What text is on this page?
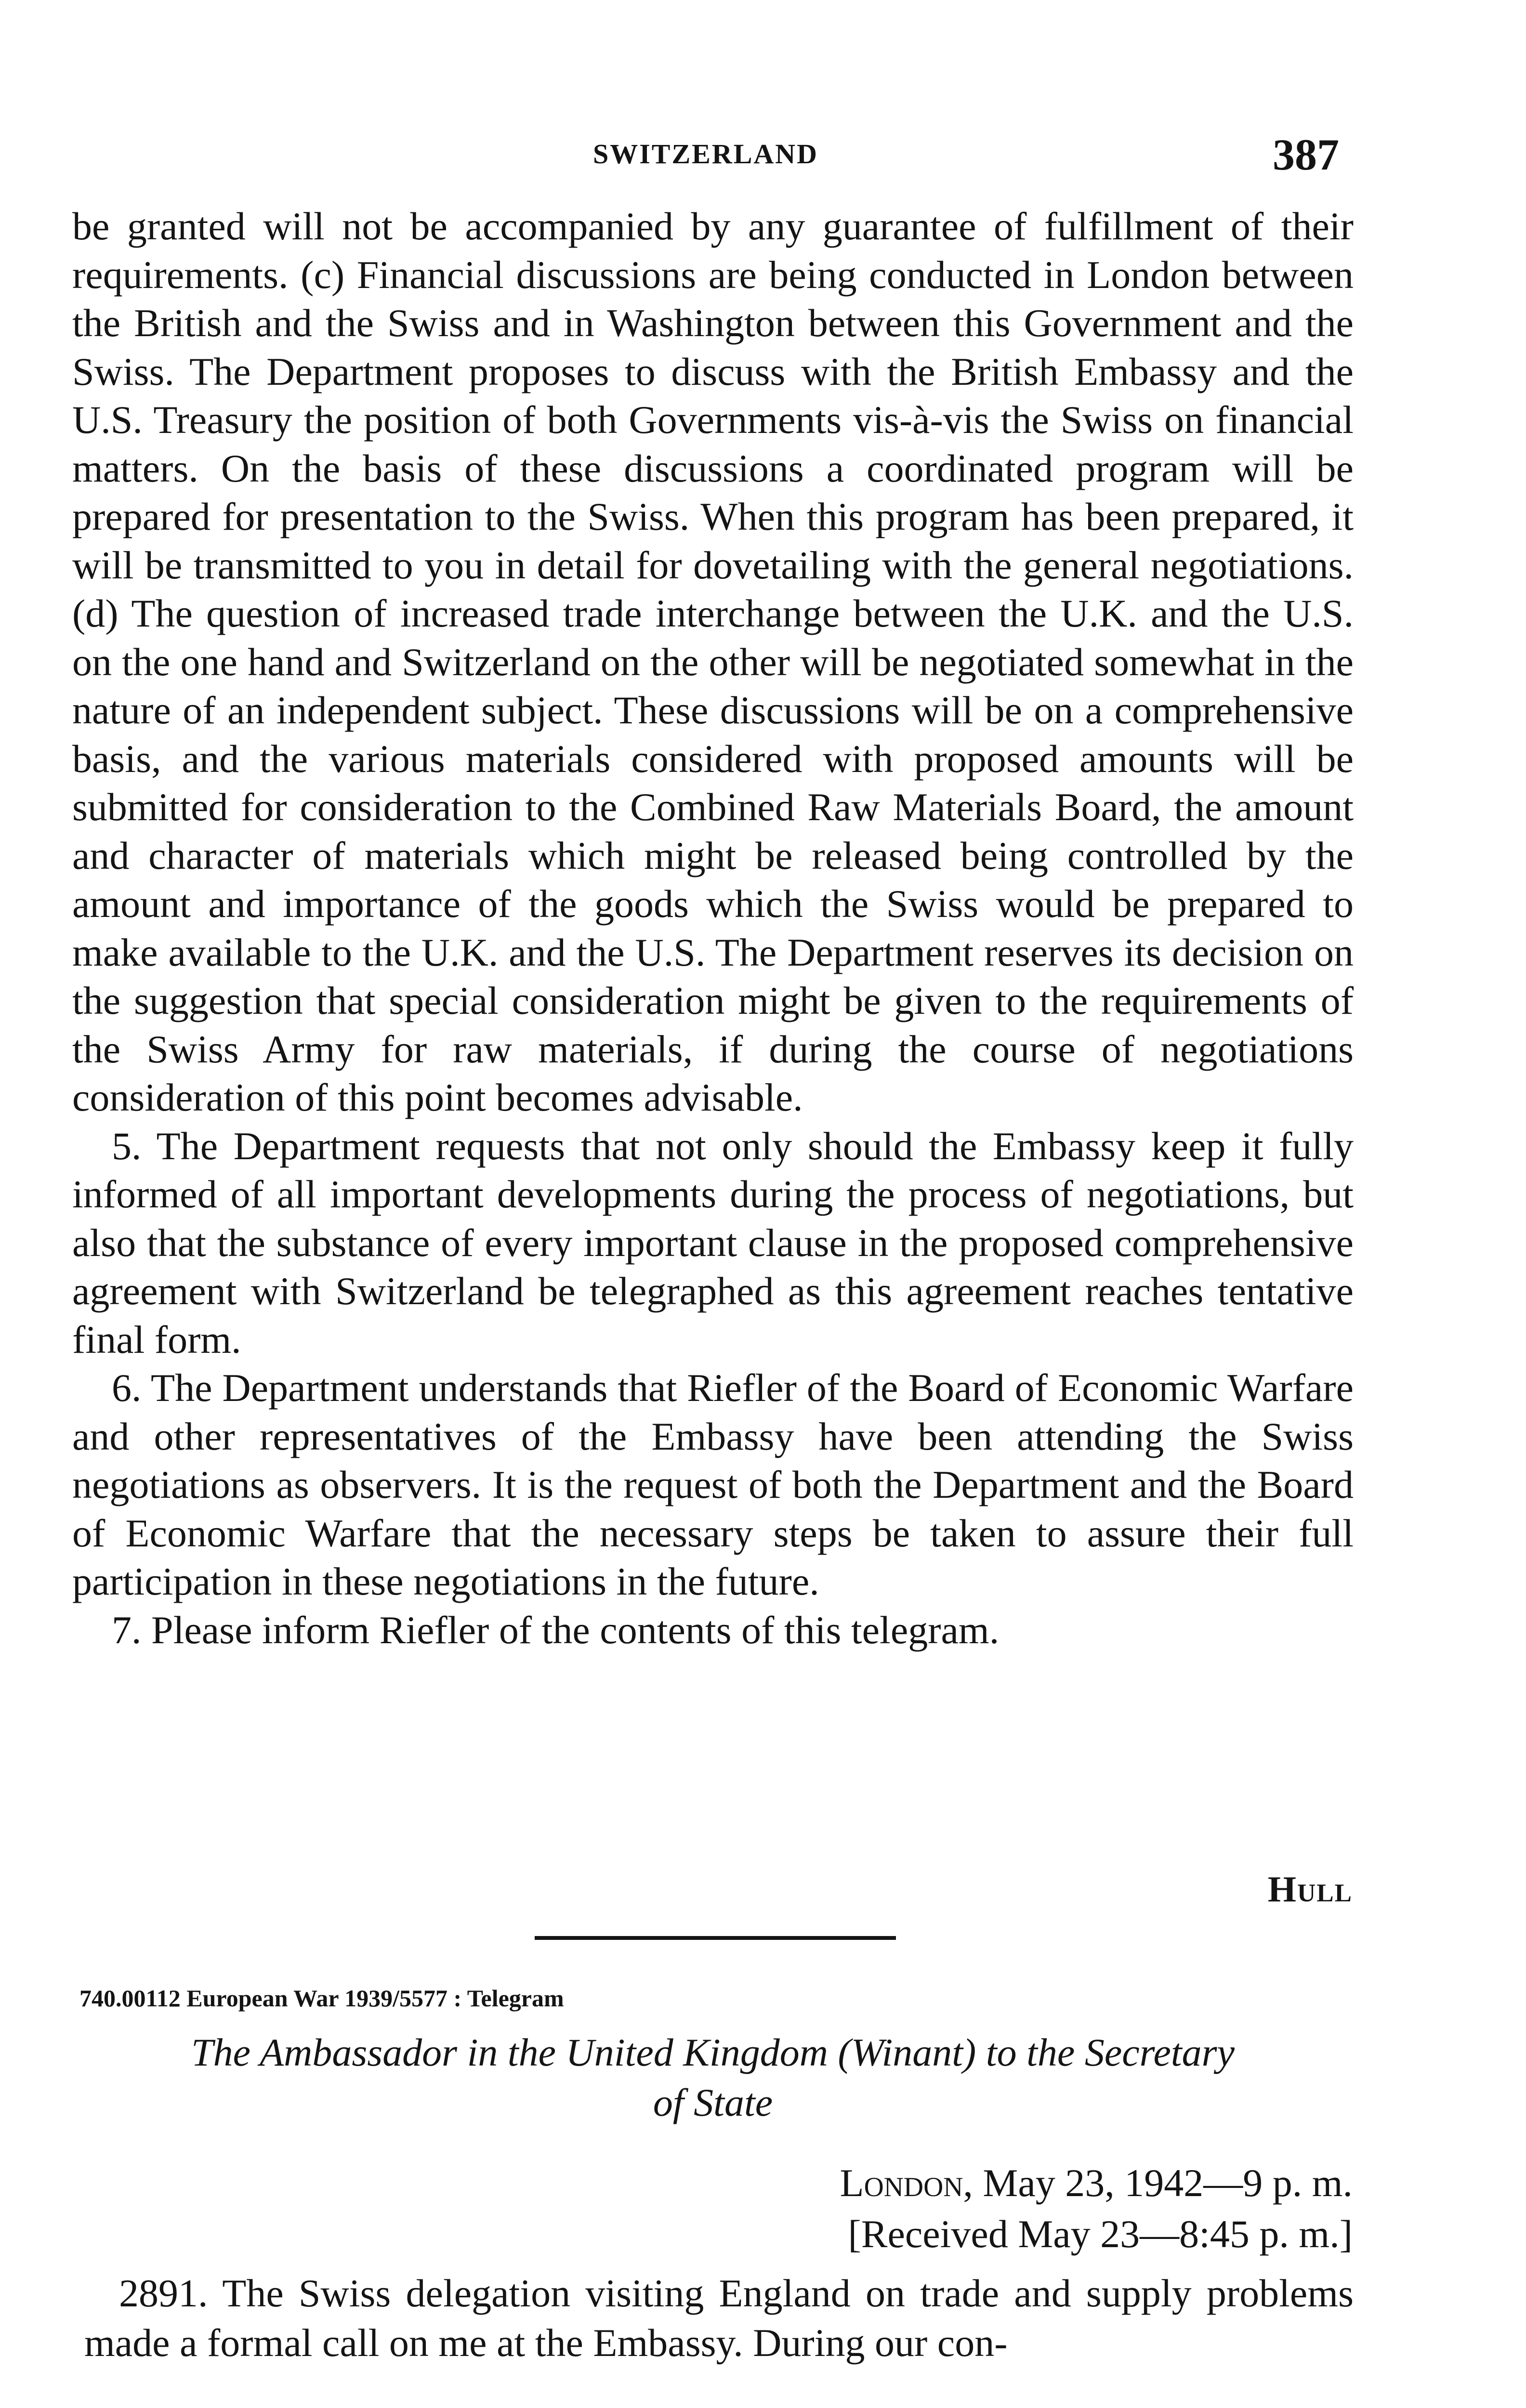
SWITZERLAND	387

be granted will not be accompanied by any guarantee of fulfillment of their requirements. (c) Financial discussions are being conducted in London between the British and the Swiss and in Washington between this Government and the Swiss. The Department proposes to discuss with the British Embassy and the U.S. Treasury the position of both Governments vis-à-vis the Swiss on financial matters. On the basis of these discussions a coordinated program will be prepared for presentation to the Swiss. When this program has been prepared, it will be transmitted to you in detail for dovetailing with the general negotiations. (d) The question of increased trade interchange between the U.K. and the U.S. on the one hand and Switzerland on the other will be negotiated somewhat in the nature of an independent subject. These discussions will be on a comprehensive basis, and the various materials considered with proposed amounts will be submitted for consideration to the Combined Raw Materials Board, the amount and character of materials which might be released being controlled by the amount and importance of the goods which the Swiss would be prepared to make available to the U.K. and the U.S. The Department reserves its decision on the suggestion that special consideration might be given to the requirements of the Swiss Army for raw materials, if during the course of negotiations consideration of this point becomes advisable.

5. The Department requests that not only should the Embassy keep it fully informed of all important developments during the process of negotiations, but also that the substance of every important clause in the proposed comprehensive agreement with Switzerland be telegraphed as this agreement reaches tentative final form.

6. The Department understands that Riefler of the Board of Economic Warfare and other representatives of the Embassy have been attending the Swiss negotiations as observers. It is the request of both the Department and the Board of Economic Warfare that the necessary steps be taken to assure their full participation in these negotiations in the future.

7. Please inform Riefler of the contents of this telegram.

Hull
740.00112 European War 1939/5577 : Telegram
The Ambassador in the United Kingdom (Winant) to the Secretary
of State
London, May 23, 1942—9 p. m.
[Received May 23—8:45 p. m.]

2891. The Swiss delegation visiting England on trade and supply problems made a formal call on me at the Embassy. During our con-
